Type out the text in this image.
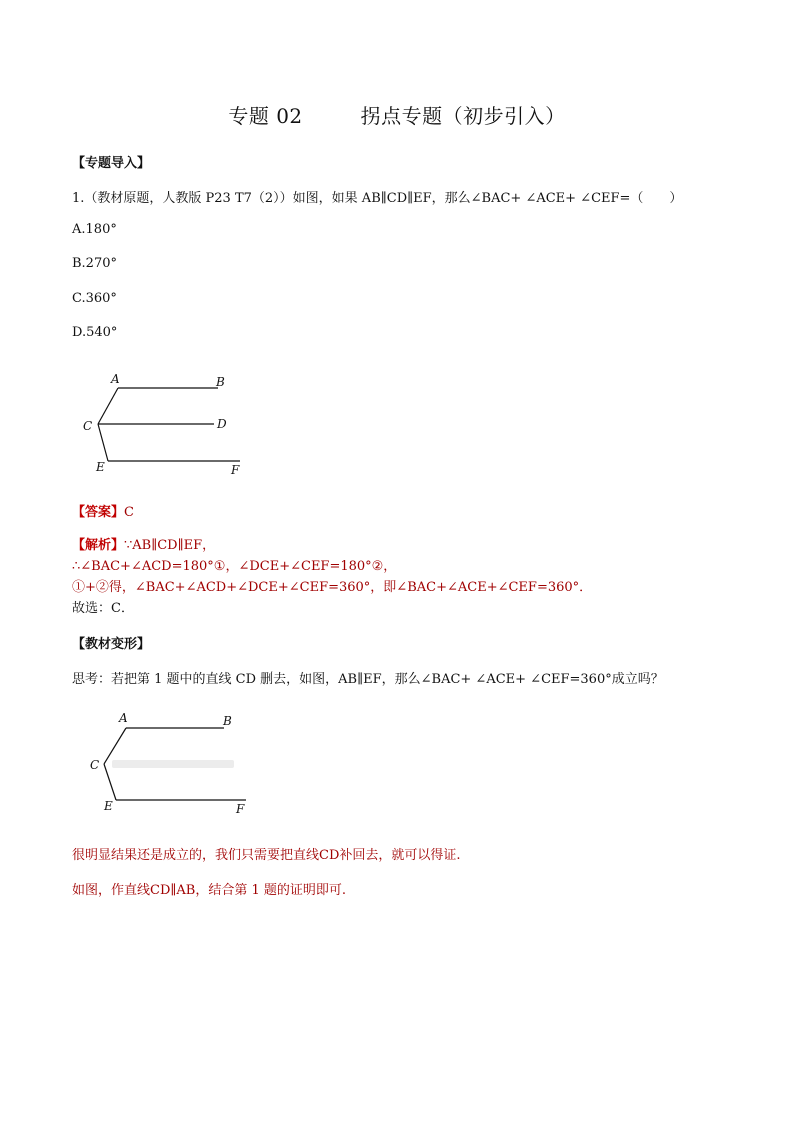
专题 02	拐点专题（初步引入）
【专题导入】
1.（教材原题，人教版 P23 T7（2））如图，如果 AB∥CD∥EF，那么∠BAC+ ∠ACE+ ∠CEF=（　　）
A.180°
B.270°
C.360°
D.540°
A	B
C	D
E	F
【答案】C
【解析】∵AB∥CD∥EF，
∴∠BAC+∠ACD=180°①，∠DCE+∠CEF=180°②，
①+②得，∠BAC+∠ACD+∠DCE+∠CEF=360°，即∠BAC+∠ACE+∠CEF=360°．
故选：C．
【教材变形】
思考：若把第 1 题中的直线 CD 删去，如图，AB∥EF，那么∠BAC+ ∠ACE+ ∠CEF=360°成立吗？
A	B
C
E	F
很明显结果还是成立的，我们只需要把直线CD补回去，就可以得证.
如图，作直线CD∥AB，结合第 1 题的证明即可.
